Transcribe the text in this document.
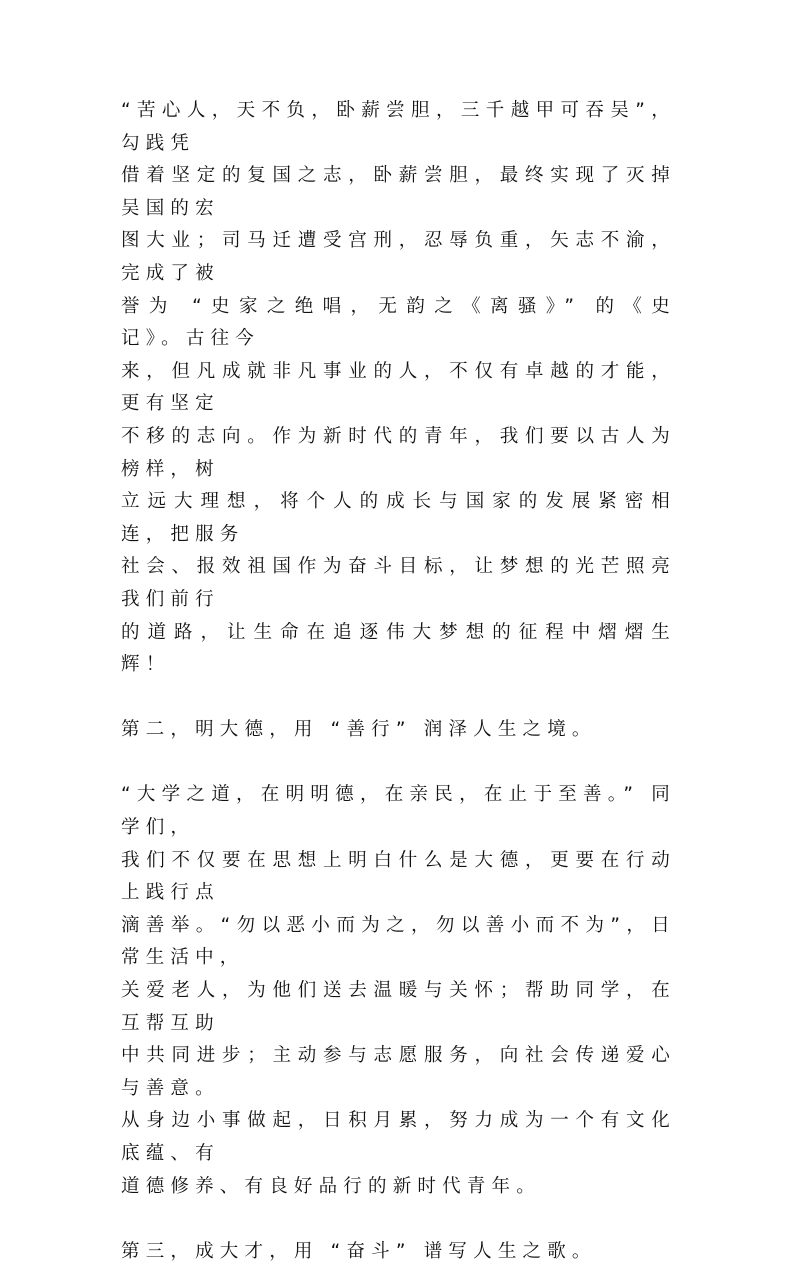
“苦心人，天不负，卧薪尝胆，三千越甲可吞吴”，勾践凭
借着坚定的复国之志，卧薪尝胆，最终实现了灭掉吴国的宏
图大业；司马迁遭受宫刑，忍辱负重，矢志不渝，完成了被
誉为 “史家之绝唱，无韵之《离骚》” 的《史记》。古往今
来，但凡成就非凡事业的人，不仅有卓越的才能，更有坚定
不移的志向。作为新时代的青年，我们要以古人为榜样，树
立远大理想，将个人的成长与国家的发展紧密相连，把服务
社会、报效祖国作为奋斗目标，让梦想的光芒照亮我们前行
的道路，让生命在追逐伟大梦想的征程中熠熠生辉！
第二，明大德，用 “善行” 润泽人生之境。
“大学之道，在明明德，在亲民，在止于至善。” 同学们，
我们不仅要在思想上明白什么是大德，更要在行动上践行点
滴善举。“勿以恶小而为之，勿以善小而不为”，日常生活中，
关爱老人，为他们送去温暖与关怀；帮助同学，在互帮互助
中共同进步；主动参与志愿服务，向社会传递爱心与善意。
从身边小事做起，日积月累，努力成为一个有文化底蕴、有
道德修养、有良好品行的新时代青年。
第三，成大才，用 “奋斗” 谱写人生之歌。
